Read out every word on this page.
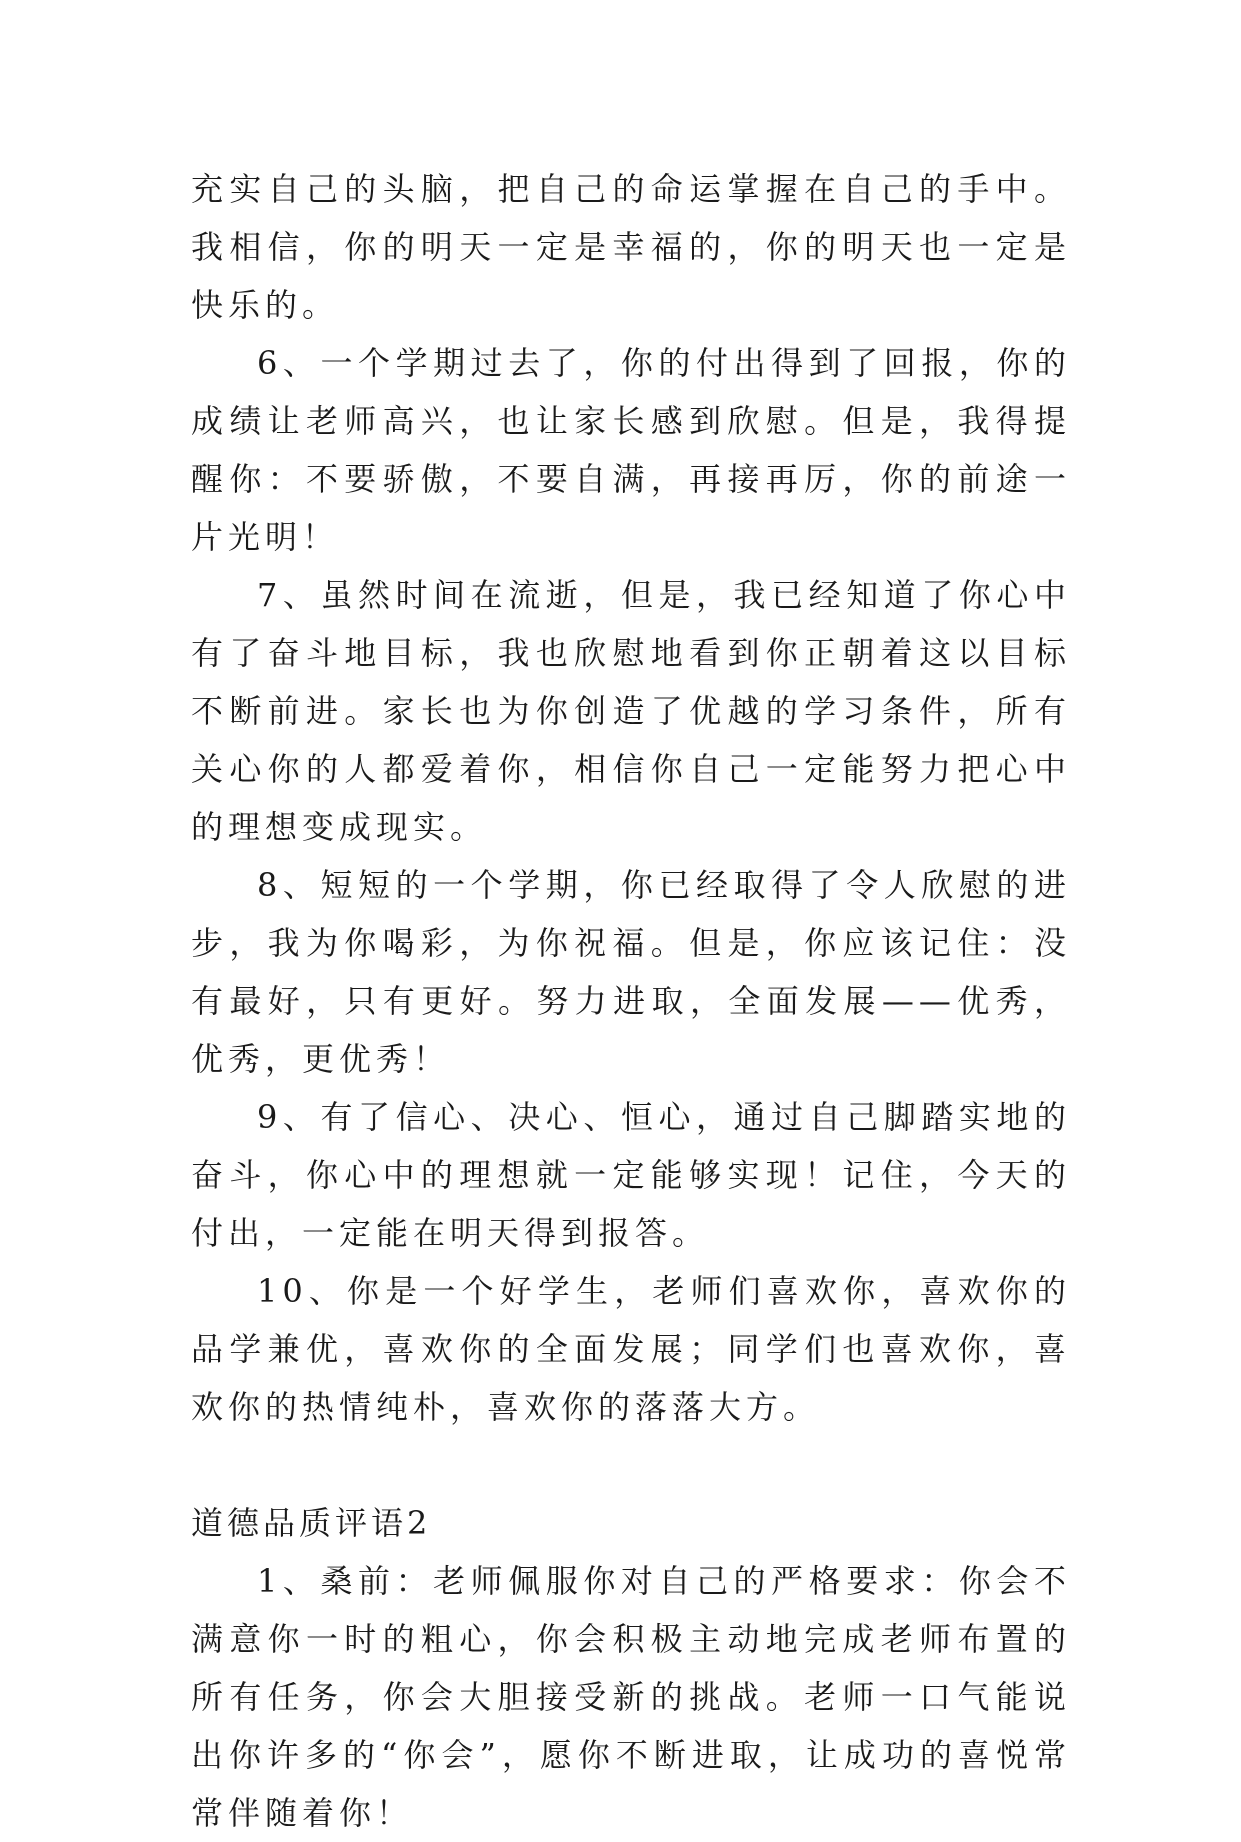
充实自己的头脑，把自己的命运掌握在自己的手中。我相信，你的明天一定是幸福的，你的明天也一定是快乐的。

6、一个学期过去了，你的付出得到了回报，你的成绩让老师高兴，也让家长感到欣慰。但是，我得提醒你：不要骄傲，不要自满，再接再厉，你的前途一片光明！

7、虽然时间在流逝，但是，我已经知道了你心中有了奋斗地目标，我也欣慰地看到你正朝着这以目标不断前进。家长也为你创造了优越的学习条件，所有关心你的人都爱着你，相信你自己一定能努力把心中的理想变成现实。

8、短短的一个学期，你已经取得了令人欣慰的进步，我为你喝彩，为你祝福。但是，你应该记住：没有最好，只有更好。努力进取，全面发展——优秀，优秀，更优秀！

9、有了信心、决心、恒心，通过自己脚踏实地的奋斗，你心中的理想就一定能够实现！记住，今天的付出，一定能在明天得到报答。

10、你是一个好学生，老师们喜欢你，喜欢你的品学兼优，喜欢你的全面发展；同学们也喜欢你，喜欢你的热情纯朴，喜欢你的落落大方。

道德品质评语2

1、桑前：老师佩服你对自己的严格要求：你会不满意你一时的粗心，你会积极主动地完成老师布置的所有任务，你会大胆接受新的挑战。老师一口气能说出你许多的“你会”，愿你不断进取，让成功的喜悦常常伴随着你！
